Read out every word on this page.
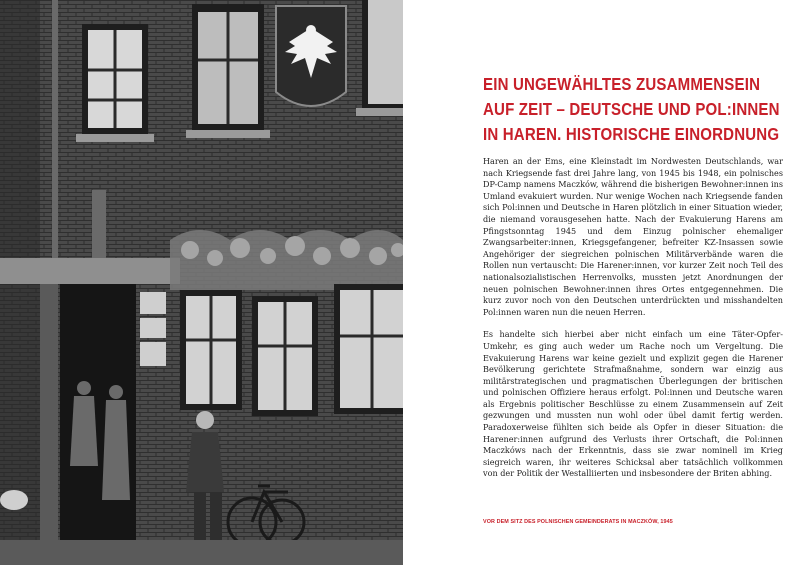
EIN UNGEWÄHLTES ZUSAMMENSEIN
AUF ZEIT – DEUTSCHE UND POL:INNEN
IN HAREN. HISTORISCHE EINORDNUNG

Haren an der Ems, eine Kleinstadt im Nordwesten Deutschlands, war nach Kriegsende fast drei Jahre lang, von 1945 bis 1948, ein polnisches DP-Camp namens Maczków, während die bisherigen Bewohner:innen ins Umland evakuiert wurden. Nur wenige Wochen nach Kriegsende fanden sich Pol:innen und Deutsche in Haren plötzlich in einer Situation wieder, die niemand vorausgesehen hatte. Nach der Evakuierung Harens am Pfingstsonntag 1945 und dem Einzug polnischer ehemaliger Zwangsarbeiter:innen, Kriegsgefangener, befreiter KZ-Insassen sowie Angehöriger der siegreichen polnischen Militärverbände waren die Rollen nun vertauscht: Die Harener:innen, vor kurzer Zeit noch Teil des nationalsozialistischen Herrenvolks, mussten jetzt Anordnungen der neuen polnischen Bewohner:innen ihres Ortes entgegennehmen. Die kurz zuvor noch von den Deutschen unterdrückten und misshandelten Pol:innen waren nun die neuen Herren.

Es handelte sich hierbei aber nicht einfach um eine Täter-Opfer-Umkehr, es ging auch weder um Rache noch um Vergeltung. Die Evakuierung Harens war keine gezielt und explizit gegen die Harener Bevölkerung gerichtete Strafmaßnahme, sondern war einzig aus militärstrategischen und pragmatischen Überlegungen der britischen und polnischen Offiziere heraus erfolgt. Pol:innen und Deutsche waren als Ergebnis politischer Beschlüsse zu einem Zusammensein auf Zeit gezwungen und mussten nun wohl oder übel damit fertig werden. Paradoxerweise fühlten sich beide als Opfer in dieser Situation: die Harener:innen aufgrund des Verlusts ihrer Ortschaft, die Pol:innen Maczkóws nach der Erkenntnis, dass sie zwar nominell im Krieg siegreich waren, ihr weiteres Schicksal aber tatsächlich vollkommen von der Politik der Westalliierten und insbesondere der Briten abhing.

VOR DEM SITZ DES POLNISCHEN GEMEINDERATS IN MACZKÓW, 1945
